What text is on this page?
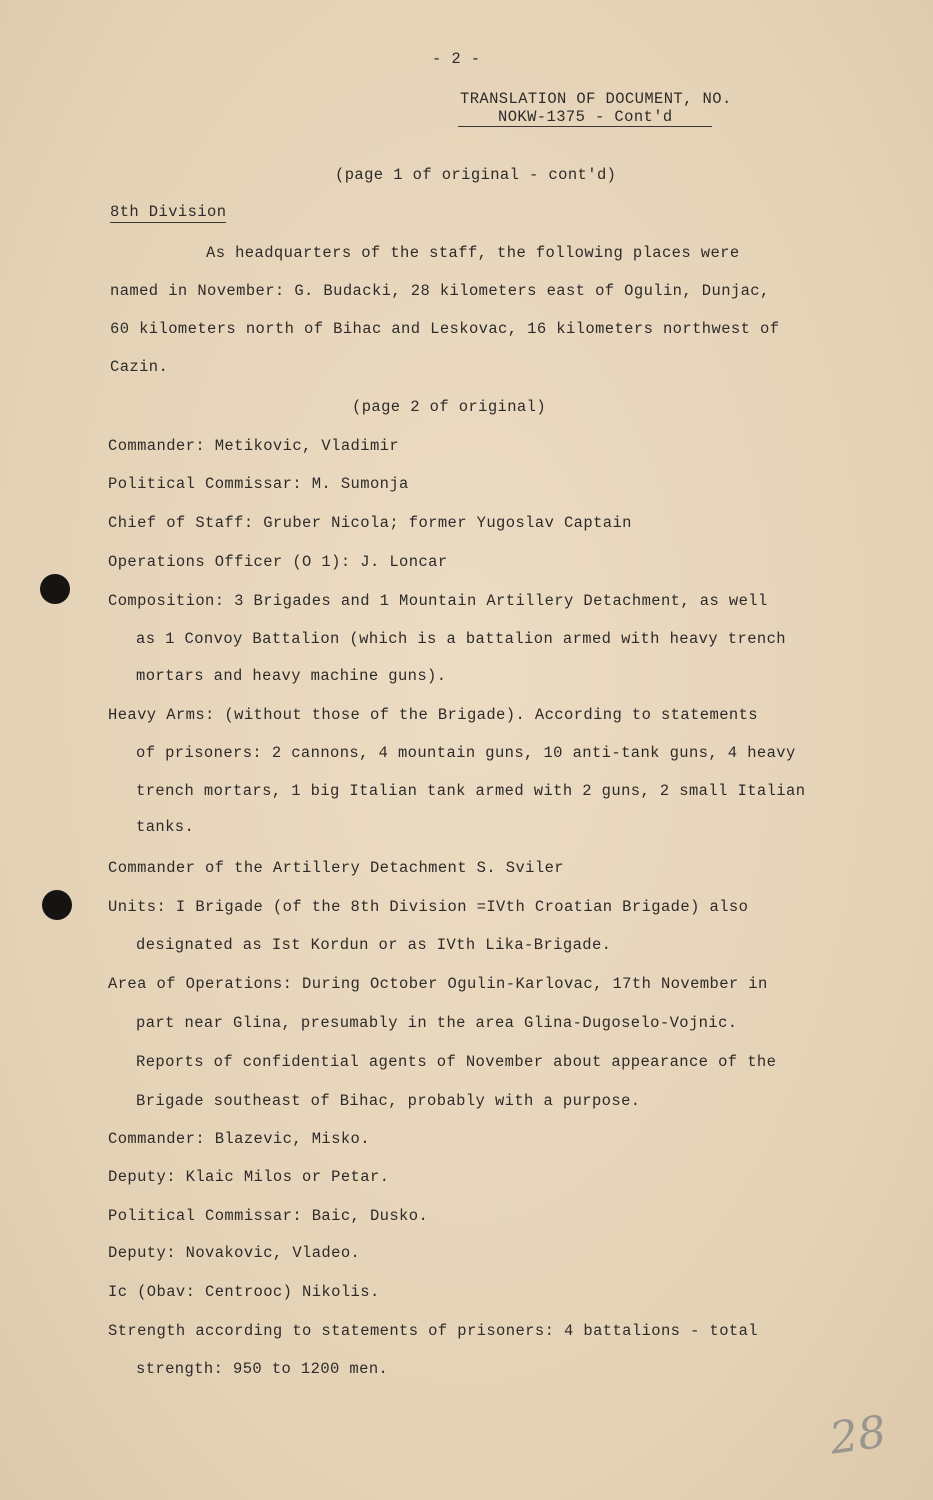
- 2 -
TRANSLATION OF DOCUMENT, NO.
NOKW-1375 - Cont'd
(page 1 of original - cont'd)
8th Division
As headquarters of the staff, the following places were
named in November: G. Budacki, 28 kilometers east of Ogulin, Dunjac,
60 kilometers north of Bihac and Leskovac, 16 kilometers northwest of
Cazin.
(page 2 of original)
Commander: Metikovic, Vladimir
Political Commissar: M. Sumonja
Chief of Staff: Gruber Nicola; former Yugoslav Captain
Operations Officer (O 1): J. Loncar
Composition: 3 Brigades and 1 Mountain Artillery Detachment, as well
as 1 Convoy Battalion (which is a battalion armed with heavy trench
mortars and heavy machine guns).
Heavy Arms: (without those of the Brigade). According to statements
of prisoners: 2 cannons, 4 mountain guns, 10 anti-tank guns, 4 heavy
trench mortars, 1 big Italian tank armed with 2 guns, 2 small Italian
tanks.
Commander of the Artillery Detachment S. Sviler
Units: I Brigade (of the 8th Division =IVth Croatian Brigade) also
designated as Ist Kordun or as IVth Lika-Brigade.
Area of Operations: During October Ogulin-Karlovac, 17th November in
part near Glina, presumably in the area Glina-Dugoselo-Vojnic.
Reports of confidential agents of November about appearance of the
Brigade southeast of Bihac, probably with a purpose.
Commander: Blazevic, Misko.
Deputy: Klaic Milos or Petar.
Political Commissar: Baic, Dusko.
Deputy: Novakovic, Vladeo.
Ic (Obav: Centrooc) Nikolis.
Strength according to statements of prisoners: 4 battalions - total
strength: 950 to 1200 men.
28
